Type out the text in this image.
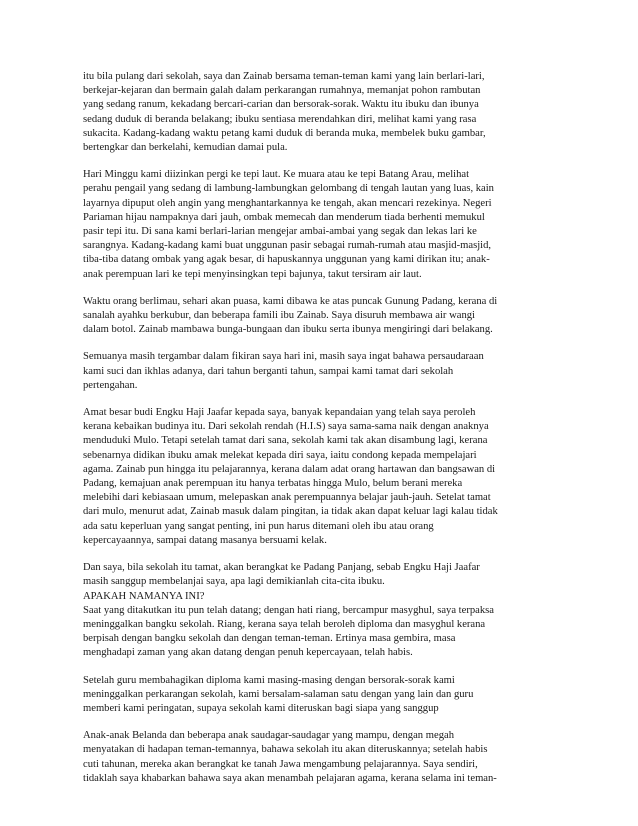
itu bila pulang dari sekolah, saya dan Zainab bersama teman-teman kami yang lain berlari-lari,
berkejar-kejaran dan bermain galah dalam perkarangan rumahnya, memanjat pohon rambutan
yang sedang ranum, kekadang bercari-carian dan bersorak-sorak. Waktu itu ibuku dan ibunya
sedang duduk di beranda belakang; ibuku sentiasa merendahkan diri, melihat kami yang rasa
sukacita. Kadang-kadang waktu petang kami duduk di beranda muka, membelek buku gambar,
bertengkar dan berkelahi, kemudian damai pula.
Hari Minggu kami diizinkan pergi ke tepi laut. Ke muara atau ke tepi Batang Arau, melihat
perahu pengail yang sedang di lambung-lambungkan gelombang di tengah lautan yang luas, kain
layarnya dipuput oleh angin yang menghantarkannya ke tengah, akan mencari rezekinya. Negeri
Pariaman hijau nampaknya dari jauh, ombak memecah dan menderum tiada berhenti memukul
pasir tepi itu. Di sana kami berlari-larian mengejar ambai-ambai yang segak dan lekas lari ke
sarangnya. Kadang-kadang kami buat unggunan pasir sebagai rumah-rumah atau masjid-masjid,
tiba-tiba datang ombak yang agak besar, di hapuskannya unggunan yang kami dirikan itu; anak-
anak perempuan lari ke tepi menyinsingkan tepi bajunya, takut tersiram air laut.
Waktu orang berlimau, sehari akan puasa, kami dibawa ke atas puncak Gunung Padang, kerana di
sanalah ayahku berkubur, dan beberapa famili ibu Zainab. Saya disuruh membawa air wangi
dalam botol. Zainab mambawa bunga-bungaan dan ibuku serta ibunya mengiringi dari belakang.
Semuanya masih tergambar dalam fikiran saya hari ini, masih saya ingat bahawa persaudaraan
kami suci dan ikhlas adanya, dari tahun berganti tahun, sampai kami tamat dari sekolah
pertengahan.
Amat besar budi Engku Haji Jaafar kepada saya, banyak kepandaian yang telah saya peroleh
kerana kebaikan budinya itu. Dari sekolah rendah (H.I.S) saya sama-sama naik dengan anaknya
menduduki Mulo. Tetapi setelah tamat dari sana, sekolah kami tak akan disambung lagi, kerana
sebenarnya didikan ibuku amak melekat kepada diri saya, iaitu condong kepada mempelajari
agama. Zainab pun hingga itu pelajarannya, kerana dalam adat orang hartawan dan bangsawan di
Padang, kemajuan anak perempuan itu hanya terbatas hingga Mulo, belum berani mereka
melebihi dari kebiasaan umum, melepaskan anak perempuannya belajar jauh-jauh. Setelat tamat
dari mulo, menurut adat, Zainab masuk dalam pingitan, ia tidak akan dapat keluar lagi kalau tidak
ada satu keperluan yang sangat penting, ini pun harus ditemani oleh ibu atau orang
kepercayaannya, sampai datang masanya bersuami kelak.
Dan saya, bila sekolah itu tamat, akan berangkat ke Padang Panjang, sebab Engku Haji Jaafar
masih sanggup membelanjai saya, apa lagi demikianlah cita-cita ibuku.
APAKAH NAMANYA INI?
Saat yang ditakutkan itu pun telah datang; dengan hati riang, bercampur masyghul, saya terpaksa
meninggalkan bangku sekolah. Riang, kerana saya telah beroleh diploma dan masyghul kerana
berpisah dengan bangku sekolah dan dengan teman-teman. Ertinya masa gembira, masa
menghadapi zaman yang akan datang dengan penuh kepercayaan, telah habis.
Setelah guru membahagikan diploma kami masing-masing dengan bersorak-sorak kami
meninggalkan perkarangan sekolah, kami bersalam-salaman satu dengan yang lain dan guru
memberi kami peringatan, supaya sekolah kami diteruskan bagi siapa yang sanggup
Anak-anak Belanda dan beberapa anak saudagar-saudagar yang mampu, dengan megah
menyatakan di hadapan teman-temannya, bahawa sekolah itu akan diteruskannya; setelah habis
cuti tahunan, mereka akan berangkat ke tanah Jawa mengambung pelajarannya. Saya sendiri,
tidaklah saya khabarkan bahawa saya akan menambah pelajaran agama, kerana selama ini teman-
